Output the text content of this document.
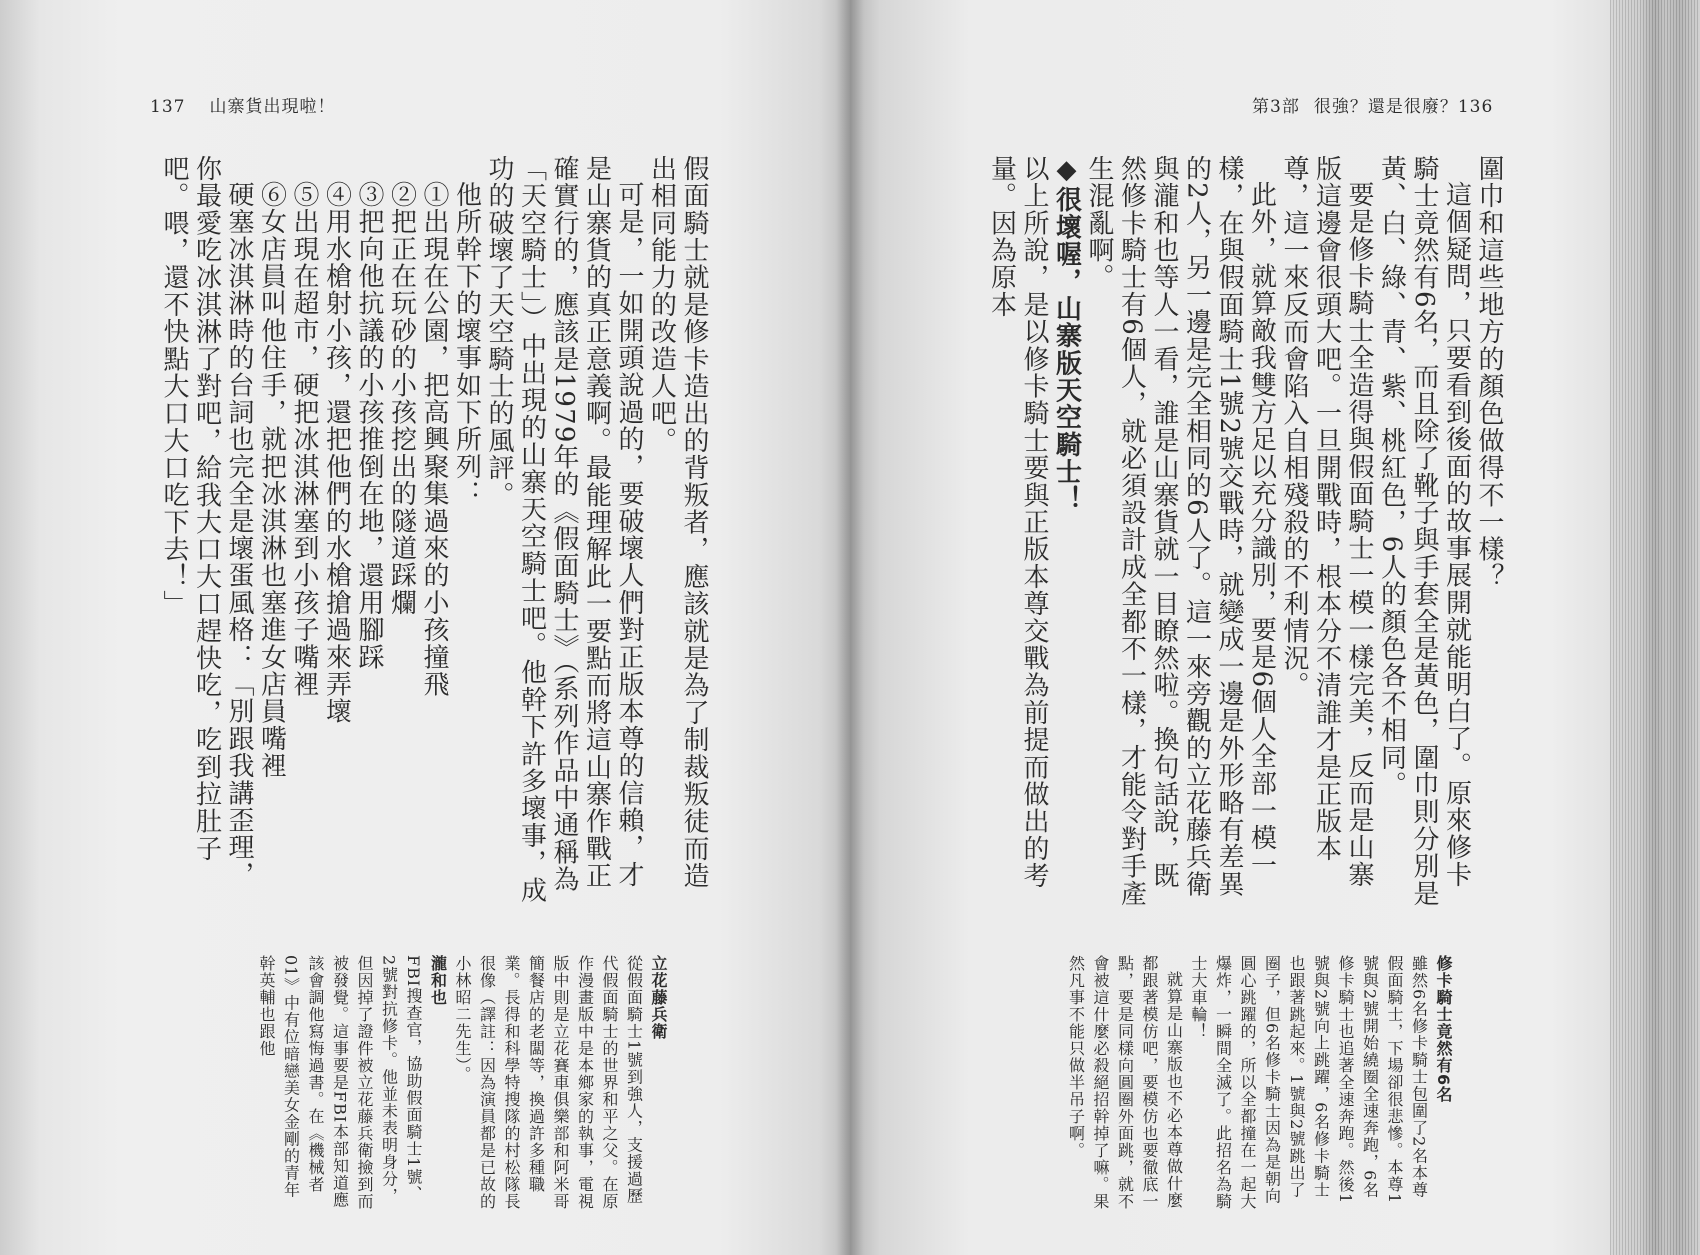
137 山寨貨出現啦！

假面騎士就是修卡造出的背叛者，應該就是為了制裁叛徒而造出相同能力的改造人吧。

可是，一如開頭說過的，要破壞人們對正版本尊的信賴，才是山寨貨的真正意義啊。最能理解此一要點而將這山寨作戰正確實行的，應該是1979年的《假面騎士》（系列作品中通稱為「天空騎士」）中出現的山寨天空騎士吧。他幹下許多壞事，成功的破壞了天空騎士的風評。

他所幹下的壞事如下所列：

①出現在公園，把高興聚集過來的小孩撞飛

②把正在玩砂的小孩挖出的隧道踩爛

③把向他抗議的小孩推倒在地，還用腳踩

④用水槍射小孩，還把他們的水槍搶過來弄壞

⑤出現在超市，硬把冰淇淋塞到小孩子嘴裡

⑥女店員叫他住手，就把冰淇淋也塞進女店員嘴裡

硬塞冰淇淋時的台詞也完全是壞蛋風格：「別跟我講歪理，你最愛吃冰淇淋了對吧，給我大口大口趕快吃，吃到拉肚子吧。喂，還不快點大口大口吃下去！」

立花藤兵衛

從假面騎士1號到強人，支援過歷代假面騎士的世界和平之父。在原作漫畫版中是本鄉家的執事，電視版中則是立花賽車俱樂部和阿米哥簡餐店的老闆等，換過許多種職業。長得和科學特搜隊的村松隊長很像（譯註：因為演員都是已故的小林昭二先生）。

瀧和也

FBI搜查官，協助假面騎士1號、2號對抗修卡。他並未表明身分，但因掉了證件被立花藤兵衛撿到而被發覺。這事要是FBI本部知道應該會調他寫悔過書。在《機械者01》中有位暗戀美女金剛的青年幹英輔也跟他

第3部 很強？還是很廢？136

圍巾和這些地方的顏色做得不一樣？

這個疑問，只要看到後面的故事展開就能明白了。原來修卡騎士竟然有6名，而且除了靴子與手套全是黃色，圍巾則分別是黃、白、綠、青、紫、桃紅色，6人的顏色各不相同。

要是修卡騎士全造得與假面騎士一模一樣完美，反而是山寨版這邊會很頭大吧。一旦開戰時，根本分不清誰才是正版本尊，這一來反而會陷入自相殘殺的不利情況。

此外，就算敵我雙方足以充分識別，要是6個人全部一模一樣，在與假面騎士1號2號交戰時，就變成一邊是外形略有差異的2人，另一邊是完全相同的6人了。這一來旁觀的立花藤兵衛與瀧和也等人一看，誰是山寨貨就一目瞭然啦。換句話說，既然修卡騎士有6個人，就必須設計成全都不一樣，才能令對手產生混亂啊。

◆很壞喔，山寨版天空騎士！

以上所說，是以修卡騎士要與正版本尊交戰為前提而做出的考量。因為原本

修卡騎士竟然有6名

雖然6名修卡騎士包圍了2名本尊假面騎士，下場卻很悲慘。本尊1號與2號開始繞圈全速奔跑，6名修卡騎士也追著全速奔跑。然後1號與2號向上跳躍，6名修卡騎士也跟著跳起來。1號與2號跳出了圈子，但6名修卡騎士因為是朝向圓心跳躍的，所以全都撞在一起大爆炸，一瞬間全滅了。此招名為騎士大車輪！

就算是山寨版也不必本尊做什麼都跟著模仿吧，要模仿也要徹底一點，要是同樣向圓圈外面跳，就不會被這什麼必殺絕招幹掉了嘛。果然凡事不能只做半吊子啊。
